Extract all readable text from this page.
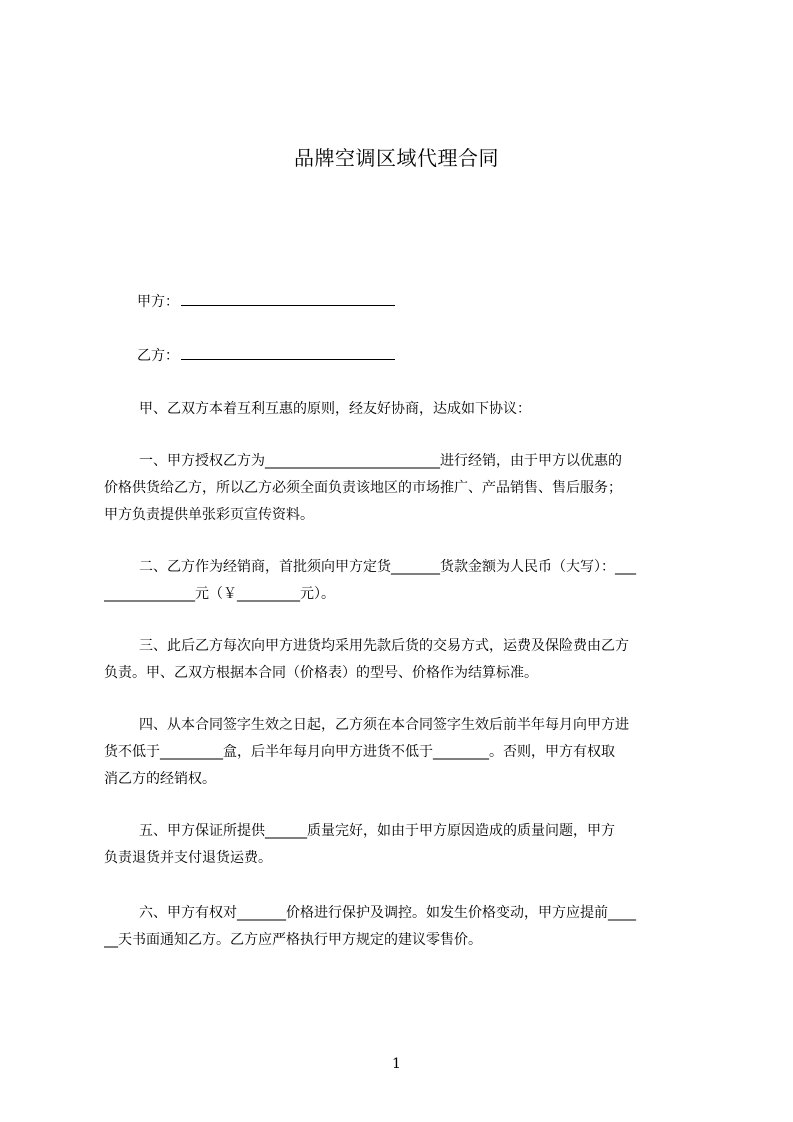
品牌空调区域代理合同
甲方：
乙方：
甲、乙双方本着互利互惠的原则，经友好协商，达成如下协议：
一、甲方授权乙方为_________________________进行经销，由于甲方以优惠的
价格供货给乙方，所以乙方必须全面负责该地区的市场推广、产品销售、售后服务；
甲方负责提供单张彩页宣传资料。
二、乙方作为经销商，首批须向甲方定货_______货款金额为人民币（大写）：___
_____________元（￥_________元）。
三、此后乙方每次向甲方进货均采用先款后货的交易方式，运费及保险费由乙方
负责。甲、乙双方根据本合同（价格表）的型号、价格作为结算标准。
四、从本合同签字生效之日起，乙方须在本合同签字生效后前半年每月向甲方进
货不低于_________盒，后半年每月向甲方进货不低于________。否则，甲方有权取
消乙方的经销权。
五、甲方保证所提供______质量完好，如由于甲方原因造成的质量问题，甲方
负责退货并支付退货运费。
六、甲方有权对_______价格进行保护及调控。如发生价格变动，甲方应提前____
__天书面通知乙方。乙方应严格执行甲方规定的建议零售价。
1
